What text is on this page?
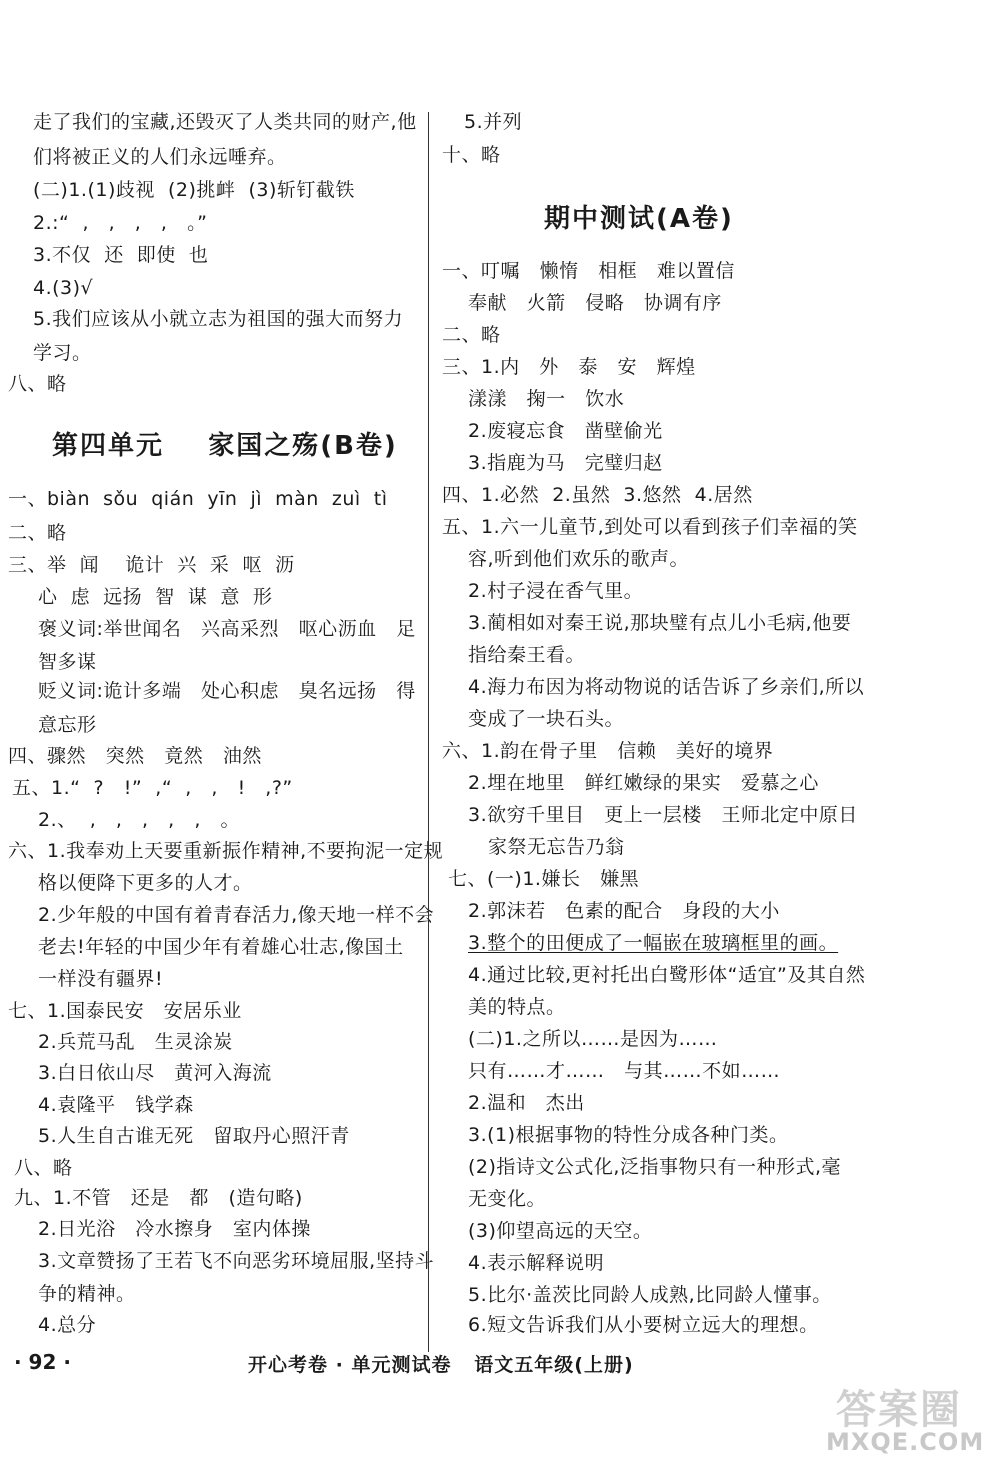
走了我们的宝藏,还毁灭了人类共同的财产,他
们将被正义的人们永远唾弃。
(二)1.(1)歧视  (2)挑衅  (3)斩钉截铁
2.:“  ,   ,   ,   ,   。”
3.不仅  还  即使  也
4.(3)√
5.我们应该从小就立志为祖国的强大而努力
学习。
八、略
第四单元    家国之殇(B卷)
一、biàn  sǒu  qián  yīn  jì  màn  zuì  tì
二、略
三、举  闻    诡计  兴  采  呕  沥
心  虑  远扬  智  谋  意  形
褒义词:举世闻名   兴高采烈   呕心沥血   足
智多谋
贬义词:诡计多端   处心积虑   臭名远扬   得
意忘形
四、骤然   突然   竟然   油然
五、1.“  ?   !”  ,“  ,   ,   !   ,?”
2.、  ,   ,   ,   ,   ,   。
六、1.我奉劝上天要重新振作精神,不要拘泥一定规
格以便降下更多的人才。
2.少年般的中国有着青春活力,像天地一样不会
老去!年轻的中国少年有着雄心壮志,像国土
一样没有疆界!
七、1.国泰民安   安居乐业
2.兵荒马乱   生灵涂炭
3.白日依山尽   黄河入海流
4.袁隆平   钱学森
5.人生自古谁无死   留取丹心照汗青
八、略
九、1.不管   还是   都   (造句略)
2.日光浴   冷水擦身   室内体操
3.文章赞扬了王若飞不向恶劣环境屈服,坚持斗
争的精神。
4.总分
5.并列
十、略
期中测试(A卷)
一、叮嘱   懒惰   相框   难以置信
奉献   火箭   侵略   协调有序
二、略
三、1.内   外   泰   安   辉煌
漾漾   掬一   饮水
2.废寝忘食   凿壁偷光
3.指鹿为马   完璧归赵
四、1.必然  2.虽然  3.悠然  4.居然
五、1.六一儿童节,到处可以看到孩子们幸福的笑
容,听到他们欢乐的歌声。
2.村子浸在香气里。
3.蔺相如对秦王说,那块璧有点儿小毛病,他要
指给秦王看。
4.海力布因为将动物说的话告诉了乡亲们,所以
变成了一块石头。
六、1.韵在骨子里   信赖   美好的境界
2.埋在地里   鲜红嫩绿的果实   爱慕之心
3.欲穷千里目   更上一层楼   王师北定中原日
家祭无忘告乃翁
七、(一)1.嫌长   嫌黑
2.郭沫若   色素的配合   身段的大小
3.整个的田便成了一幅嵌在玻璃框里的画。
4.通过比较,更衬托出白鹭形体“适宜”及其自然
美的特点。
(二)1.之所以……是因为……
只有……才……   与其……不如……
2.温和   杰出
3.(1)根据事物的特性分成各种门类。
(2)指诗文公式化,泛指事物只有一种形式,毫
无变化。
(3)仰望高远的天空。
4.表示解释说明
5.比尔·盖茨比同龄人成熟,比同龄人懂事。
6.短文告诉我们从小要树立远大的理想。
· 92 ·	开心考卷 · 单元测试卷   语文五年级(上册)
答案圈
MXQE.COM
